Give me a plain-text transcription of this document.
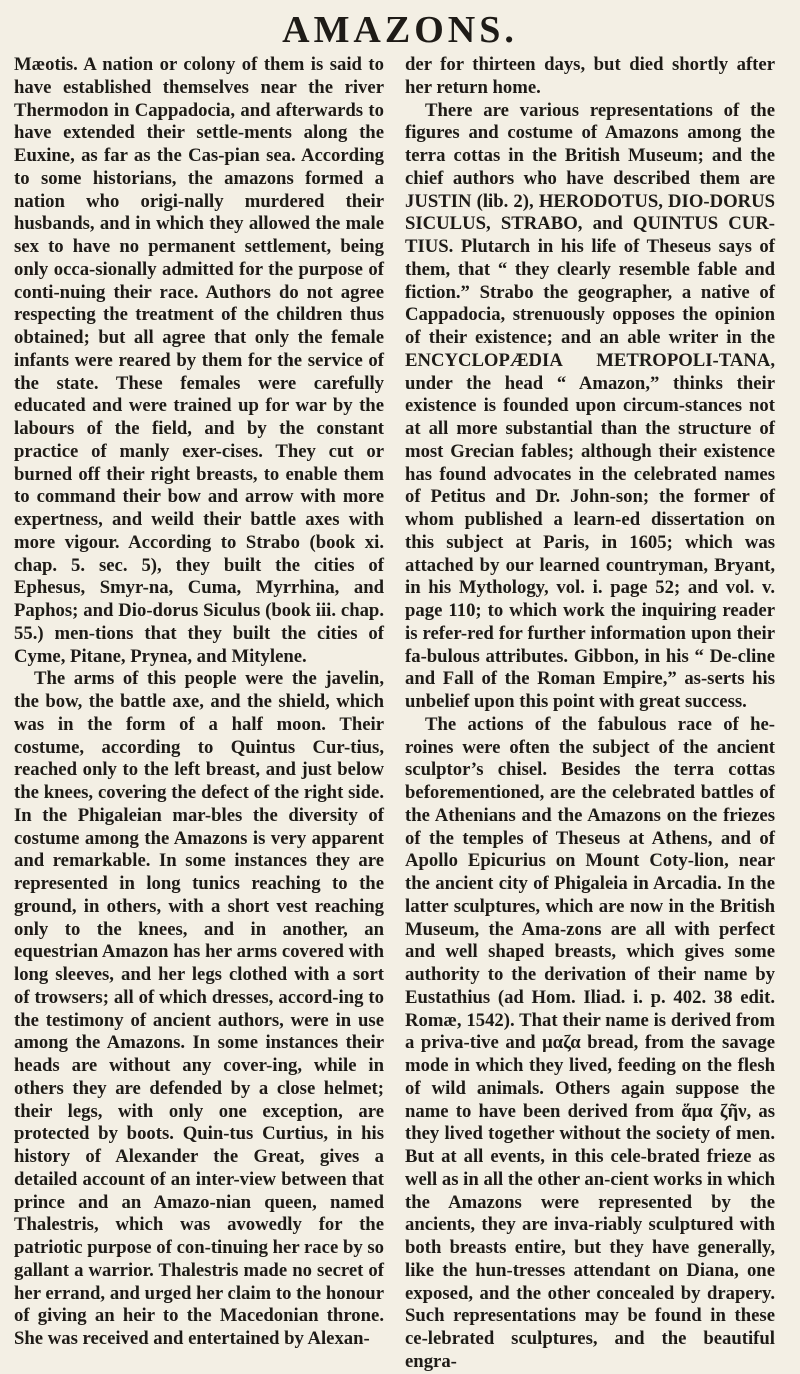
AMAZONS.

Mæotis. A nation or colony of them is said to have established themselves near the river Thermodon in Cappadocia, and afterwards to have extended their settle-ments along the Euxine, as far as the Cas-pian sea. According to some historians, the amazons formed a nation who origi-nally murdered their husbands, and in which they allowed the male sex to have no permanent settlement, being only occa-sionally admitted for the purpose of conti-nuing their race. Authors do not agree respecting the treatment of the children thus obtained; but all agree that only the female infants were reared by them for the service of the state. These females were carefully educated and were trained up for war by the labours of the field, and by the constant practice of manly exer-cises. They cut or burned off their right breasts, to enable them to command their bow and arrow with more expertness, and weild their battle axes with more vigour. According to Strabo (book xi. chap. 5. sec. 5), they built the cities of Ephesus, Smyr-na, Cuma, Myrrhina, and Paphos; and Dio-dorus Siculus (book iii. chap. 55.) men-tions that they built the cities of Cyme, Pitane, Prynea, and Mitylene.

The arms of this people were the javelin, the bow, the battle axe, and the shield, which was in the form of a half moon. Their costume, according to Quintus Cur-tius, reached only to the left breast, and just below the knees, covering the defect of the right side. In the Phigaleian mar-bles the diversity of costume among the Amazons is very apparent and remarkable. In some instances they are represented in long tunics reaching to the ground, in others, with a short vest reaching only to the knees, and in another, an equestrian Amazon has her arms covered with long sleeves, and her legs clothed with a sort of trowsers; all of which dresses, accord-ing to the testimony of ancient authors, were in use among the Amazons. In some instances their heads are without any cover-ing, while in others they are defended by a close helmet; their legs, with only one exception, are protected by boots. Quin-tus Curtius, in his history of Alexander the Great, gives a detailed account of an inter-view between that prince and an Amazo-nian queen, named Thalestris, which was avowedly for the patriotic purpose of con-tinuing her race by so gallant a warrior. Thalestris made no secret of her errand, and urged her claim to the honour of giving an heir to the Macedonian throne. She was received and entertained by Alexan-

der for thirteen days, but died shortly after her return home.

There are various representations of the figures and costume of Amazons among the terra cottas in the British Museum; and the chief authors who have described them are JUSTIN (lib. 2), HERODOTUS, DIO-DORUS SICULUS, STRABO, and QUINTUS CUR-TIUS. Plutarch in his life of Theseus says of them, that “ they clearly resemble fable and fiction.” Strabo the geographer, a native of Cappadocia, strenuously opposes the opinion of their existence; and an able writer in the ENCYCLOPÆDIA METROPOLI-TANA, under the head “ Amazon,” thinks their existence is founded upon circum-stances not at all more substantial than the structure of most Grecian fables; although their existence has found advocates in the celebrated names of Petitus and Dr. John-son; the former of whom published a learn-ed dissertation on this subject at Paris, in 1605; which was attached by our learned countryman, Bryant, in his Mythology, vol. i. page 52; and vol. v. page 110; to which work the inquiring reader is refer-red for further information upon their fa-bulous attributes. Gibbon, in his “ De-cline and Fall of the Roman Empire,” as-serts his unbelief upon this point with great success.

The actions of the fabulous race of he-roines were often the subject of the ancient sculptor’s chisel. Besides the terra cottas beforementioned, are the celebrated battles of the Athenians and the Amazons on the friezes of the temples of Theseus at Athens, and of Apollo Epicurius on Mount Coty-lion, near the ancient city of Phigaleia in Arcadia. In the latter sculptures, which are now in the British Museum, the Ama-zons are all with perfect and well shaped breasts, which gives some authority to the derivation of their name by Eustathius (ad Hom. Iliad. i. p. 402. 38 edit. Romæ, 1542). That their name is derived from a priva-tive and μαζα bread, from the savage mode in which they lived, feeding on the flesh of wild animals. Others again suppose the name to have been derived from ἅμα ζῆν, as they lived together without the society of men. But at all events, in this cele-brated frieze as well as in all the other an-cient works in which the Amazons were represented by the ancients, they are inva-riably sculptured with both breasts entire, but they have generally, like the hun-tresses attendant on Diana, one exposed, and the other concealed by drapery. Such representations may be found in these ce-lebrated sculptures, and the beautiful engra-
